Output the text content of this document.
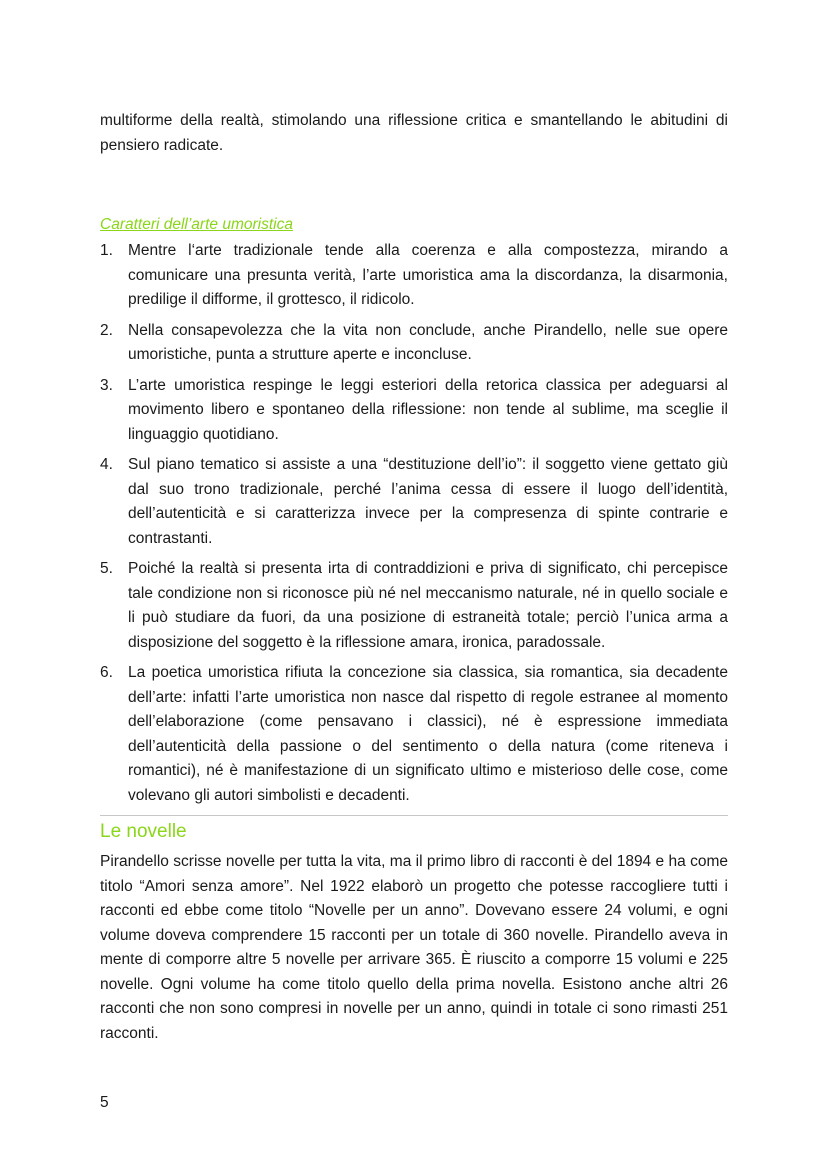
multiforme della realtà, stimolando una riflessione critica e smantellando le abitudini di pensiero radicate.

Caratteri dell’arte umoristica
1. Mentre l‘arte tradizionale tende alla coerenza e alla compostezza, mirando a comunicare una presunta verità, l’arte umoristica ama la discordanza, la disarmonia, predilige il difforme, il grottesco, il ridicolo.
2. Nella consapevolezza che la vita non conclude, anche Pirandello, nelle sue opere umoristiche, punta a strutture aperte e inconcluse.
3. L’arte umoristica respinge le leggi esteriori della retorica classica per adeguarsi al movimento libero e spontaneo della riflessione: non tende al sublime, ma sceglie il linguaggio quotidiano.
4. Sul piano tematico si assiste a una “destituzione dell’io”: il soggetto viene gettato giù dal suo trono tradizionale, perché l’anima cessa di essere il luogo dell’identità, dell’autenticità e si caratterizza invece per la compresenza di spinte contrarie e contrastanti.
5. Poiché la realtà si presenta irta di contraddizioni e priva di significato, chi percepisce tale condizione non si riconosce più né nel meccanismo naturale, né in quello sociale e li può studiare da fuori, da una posizione di estraneità totale; perciò l’unica arma a disposizione del soggetto è la riflessione amara, ironica, paradossale.
6. La poetica umoristica rifiuta la concezione sia classica, sia romantica, sia decadente dell’arte: infatti l’arte umoristica non nasce dal rispetto di regole estranee al momento dell’elaborazione (come pensavano i classici), né è espressione immediata dell’autenticità della passione o del sentimento o della natura (come riteneva i romantici), né è manifestazione di un significato ultimo e misterioso delle cose, come volevano gli autori simbolisti e decadenti.
Le novelle

Pirandello scrisse novelle per tutta la vita, ma il primo libro di racconti è del 1894 e ha come titolo “Amori senza amore”. Nel 1922 elaborò un progetto che potesse raccogliere tutti i racconti ed ebbe come titolo “Novelle per un anno”. Dovevano essere 24 volumi, e ogni volume doveva comprendere 15 racconti per un totale di 360 novelle. Pirandello aveva in mente di comporre altre 5 novelle per arrivare 365. È riuscito a comporre 15 volumi e 225 novelle. Ogni volume ha come titolo quello della prima novella. Esistono anche altri 26 racconti che non sono compresi in novelle per un anno, quindi in totale ci sono rimasti 251 racconti.

5
